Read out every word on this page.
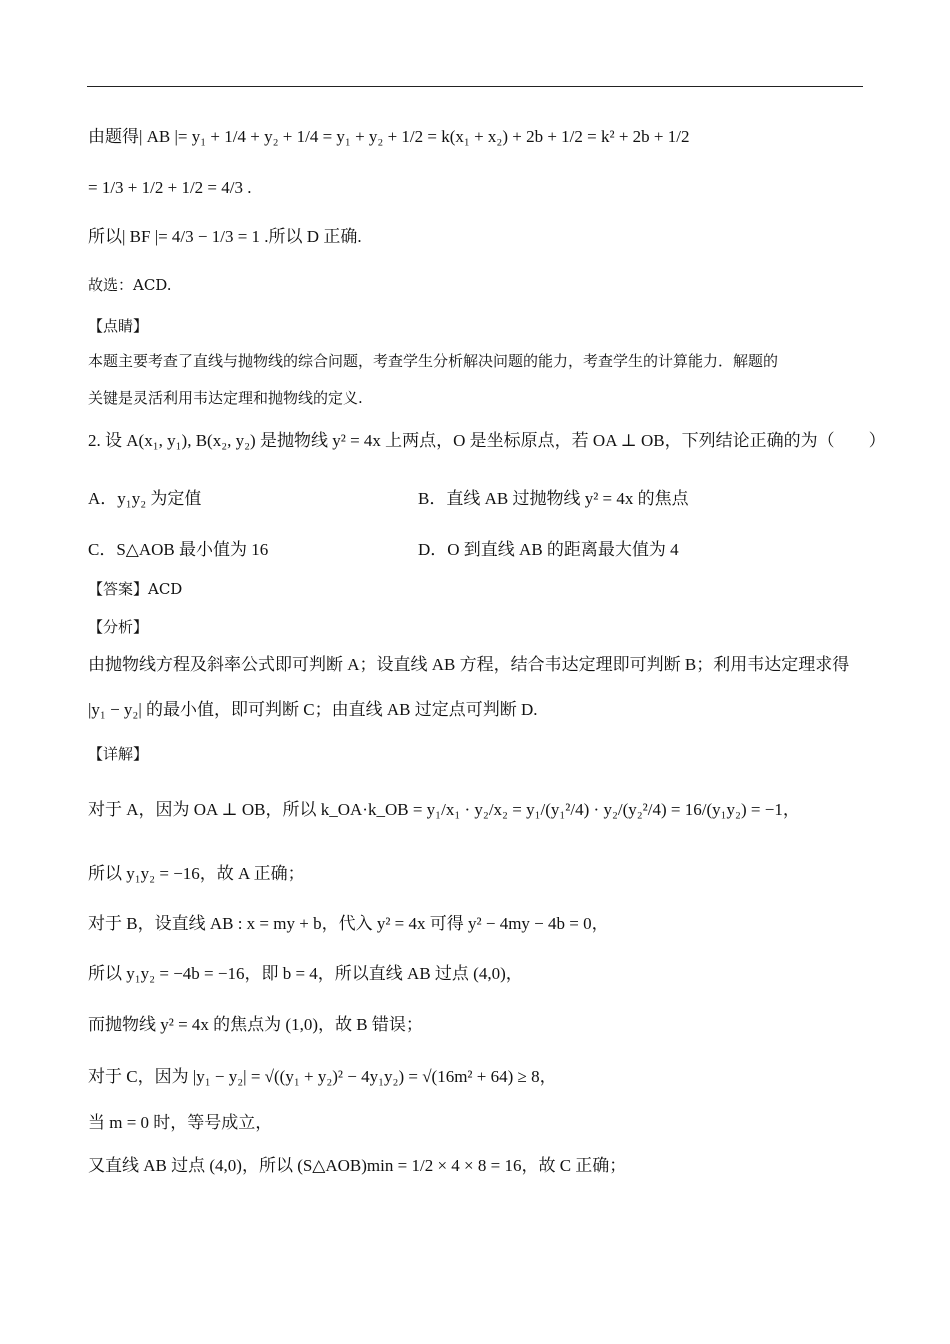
由题得| AB |= y₁ + 1/4 + y₂ + 1/4 = y₁ + y₂ + 1/2 = k(x₁ + x₂) + 2b + 1/2 = k² + 2b + 1/2
= 1/3 + 1/2 + 1/2 = 4/3 .
所以| BF |= 4/3 − 1/3 = 1 .所以 D 正确.
故选：ACD.
【点睛】
本题主要考查了直线与抛物线的综合问题，考查学生分析解决问题的能力，考查学生的计算能力．解题的
关键是灵活利用韦达定理和抛物线的定义.
2. 设 A(x₁, y₁), B(x₂, y₂) 是抛物线 y² = 4x 上两点，O 是坐标原点，若 OA ⊥ OB，下列结论正确的为（　　）
A．y₁y₂ 为定值	B．直线 AB 过抛物线 y² = 4x 的焦点
C．S△AOB 最小值为 16	D．O 到直线 AB 的距离最大值为 4
【答案】ACD
【分析】
由抛物线方程及斜率公式即可判断 A；设直线 AB 方程，结合韦达定理即可判断 B；利用韦达定理求得
|y₁ − y₂| 的最小值，即可判断 C；由直线 AB 过定点可判断 D.
【详解】
对于 A，因为 OA ⊥ OB，所以 k_OA·k_OB = y₁/x₁ · y₂/x₂ = y₁/(y₁²/4) · y₂/(y₂²/4) = 16/(y₁y₂) = −1，
所以 y₁y₂ = −16，故 A 正确；
对于 B，设直线 AB : x = my + b，代入 y² = 4x 可得 y² − 4my − 4b = 0，
所以 y₁y₂ = −4b = −16，即 b = 4，所以直线 AB 过点 (4,0)，
而抛物线 y² = 4x 的焦点为 (1,0)，故 B 错误；
对于 C，因为 |y₁ − y₂| = √((y₁ + y₂)² − 4y₁y₂) = √(16m² + 64) ≥ 8，
当 m = 0 时，等号成立，
又直线 AB 过点 (4,0)，所以 (S△AOB)min = 1/2 × 4 × 8 = 16，故 C 正确；
